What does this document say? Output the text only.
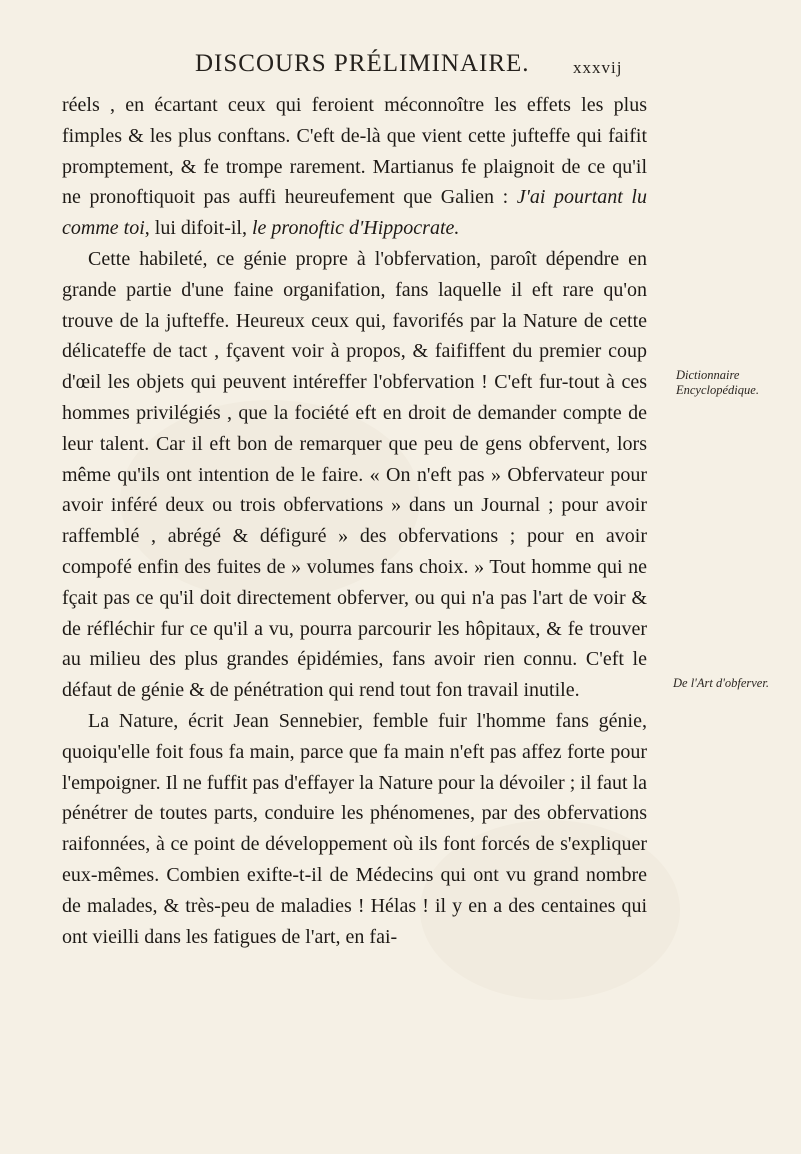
DISCOURS PRÉLIMINAIRE.	xxxvij

réels , en écartant ceux qui feroient méconnoître les effets les plus fimples & les plus conftans. C'eft de-là que vient cette jufteffe qui faifit promptement, & fe trompe rarement. Martianus fe plaignoit de ce qu'il ne pronoftiquoit pas auffi heureufement que Galien : J'ai pourtant lu comme toi, lui difoit-il, le pronoftic d'Hippocrate.

Cette habileté, ce génie propre à l'obfervation, paroît dépendre en grande partie d'une faine organifation, fans laquelle il eft rare qu'on trouve de la jufteffe. Heureux ceux qui, favorifés par la Nature de cette délicateffe de tact , fçavent voir à propos, & faififfent du premier coup d'œil les objets qui peuvent intéreffer l'obfervation ! C'eft fur-tout à ces hommes privilégiés , que la fociété eft en droit de demander compte de leur talent. Car il eft bon de remarquer que peu de gens obfervent, lors même qu'ils ont intention de le faire. « On n'eft pas » Obfervateur pour avoir inféré deux ou trois obfervations » dans un Journal ; pour avoir raffemblé , abrégé & défiguré » des obfervations ; pour en avoir compofé enfin des fuites de » volumes fans choix. » Tout homme qui ne fçait pas ce qu'il doit directement obferver, ou qui n'a pas l'art de voir & de réfléchir fur ce qu'il a vu, pourra parcourir les hôpitaux, & fe trouver au milieu des plus grandes épidémies, fans avoir rien connu. C'eft le défaut de génie & de pénétration qui rend tout fon travail inutile.

La Nature, écrit Jean Sennebier, femble fuir l'homme fans génie, quoiqu'elle foit fous fa main, parce que fa main n'eft pas affez forte pour l'empoigner. Il ne fuffit pas d'effayer la Nature pour la dévoiler ; il faut la pénétrer de toutes parts, conduire les phénomenes, par des obfervations raifonnées, à ce point de développement où ils font forcés de s'expliquer eux-mêmes. Combien exifte-t-il de Médecins qui ont vu grand nombre de malades, & très-peu de maladies ! Hélas ! il y en a des centaines qui ont vieilli dans les fatigues de l'art, en fai-

Dictionnaire Encyclopédique.
De l'Art d'obferver.
